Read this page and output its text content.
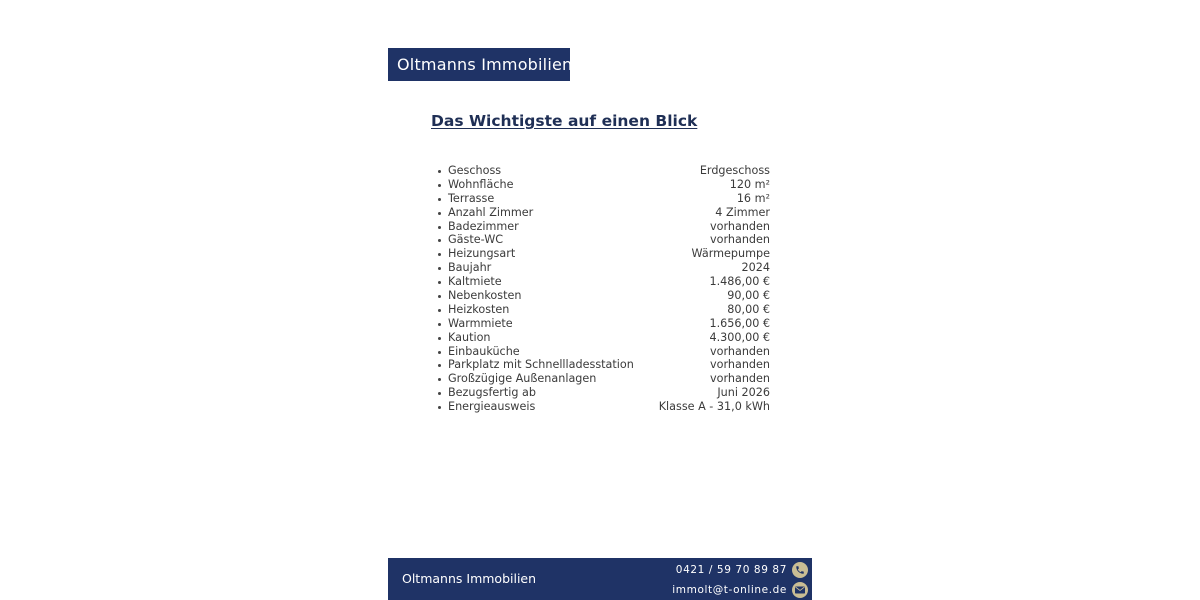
Oltmanns Immobilien
Das Wichtigste auf einen Blick
Geschoss	Erdgeschoss
Wohnfläche	120 m²
Terrasse	16 m²
Anzahl Zimmer	4 Zimmer
Badezimmer	vorhanden
Gäste-WC	vorhanden
Heizungsart	Wärmepumpe
Baujahr	2024
Kaltmiete	1.486,00 €
Nebenkosten	90,00 €
Heizkosten	80,00 €
Warmmiete	1.656,00 €
Kaution	4.300,00 €
Einbauküche	vorhanden
Parkplatz mit Schnellladesstation	vorhanden
Großzügige Außenanlagen	vorhanden
Bezugsfertig ab	Juni 2026
Energieausweis	Klasse A - 31,0 kWh
Oltmanns Immobilien
0421 / 59 70 89 87
immolt@t-online.de
